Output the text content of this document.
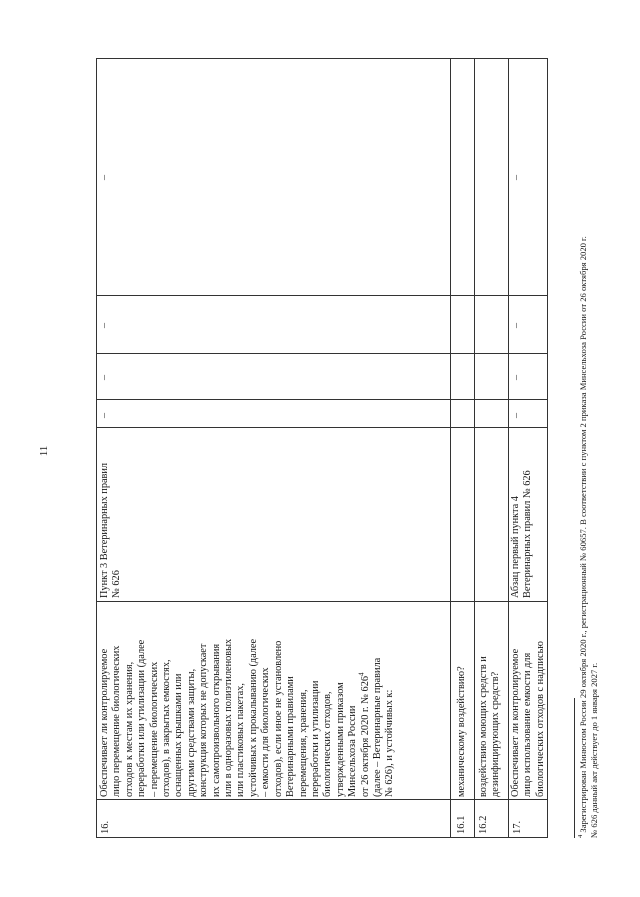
11
16.
Обеспечивает ли контролируемое лицо перемещение биологических отходов к местам их хранения, переработки или утилизации (далее – перемещение биологических отходов), в закрытых емкостях, оснащенных крышками или другими средствами защиты, конструкция которых не допускает их самопроизвольного открывания или в одноразовых полиэтиленовых или пластиковых пакетах, устойчивых к прокалыванию (далее – емкости для биологических отходов), если иное не установлено Ветеринарными правилами перемещения, хранения, переработки и утилизации биологических отходов, утвержденными приказом Минсельхоза России от 26 октября 2020 г. № $626^4$ (далее – Ветеринарные правила № 626), и устойчивых к:
Пункт 3 Ветеринарных правил № 626
–
–
–
–
16.1
механическому воздействию?
16.2
воздействию моющих средств и дезинфицирующих средств?
17.
Обеспечивает ли контролируемое лицо использование емкости для биологических отходов с надписью
Абзац первый пункта 4 Ветеринарных правил № 626
–
–
–
–
$^4$ Зарегистрирован Минюстом России 29 октября 2020 г., регистрационный № 60657. В соответствии с пунктом 2 приказа Минсельхоза России от 26 октября 2020 г. № 626 данный акт действует до 1 января 2027 г.
